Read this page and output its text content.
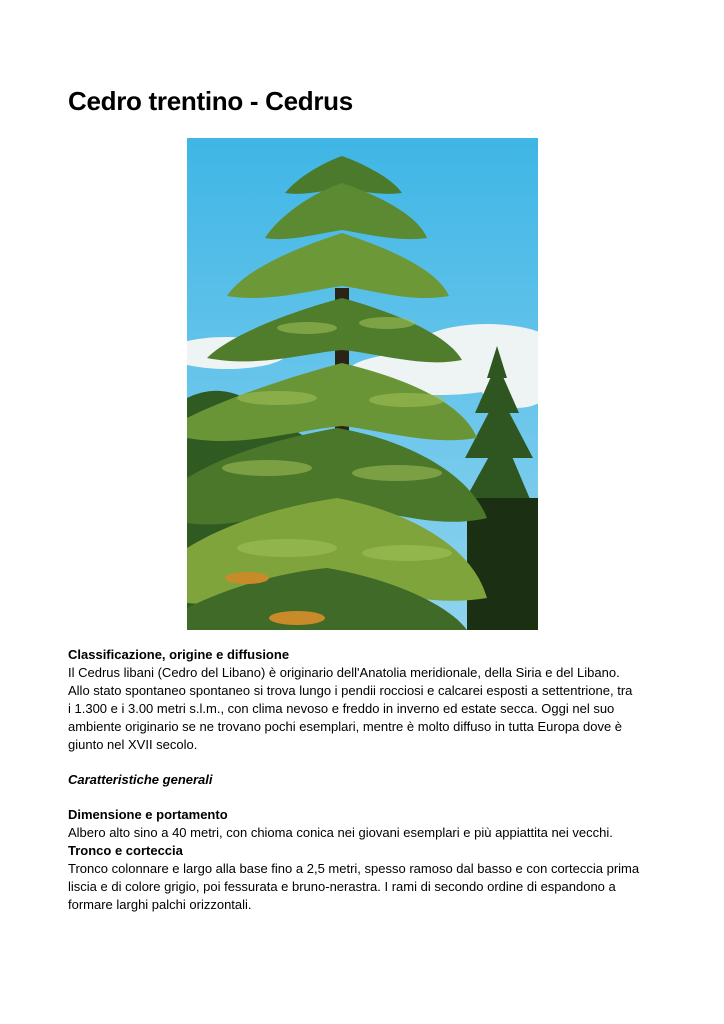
Cedro trentino - Cedrus

Classificazione, origine e diffusione

Il Cedrus libani (Cedro del Libano) è originario dell'Anatolia meridionale, della Siria e del Libano.

Allo stato spontaneo spontaneo si trova lungo i pendii rocciosi e calcarei esposti a settentrione, tra

i 1.300 e i 3.00 metri s.l.m., con clima nevoso e freddo in inverno ed estate secca. Oggi nel suo

ambiente originario se ne trovano pochi esemplari, mentre è molto diffuso in tutta Europa dove è

giunto nel XVII secolo.

Caratteristiche generali

Dimensione e portamento

Albero alto sino a 40 metri, con chioma conica nei giovani esemplari e più appiattita nei vecchi.

Tronco e corteccia

Tronco colonnare e largo alla base fino a 2,5 metri, spesso ramoso dal basso e con corteccia prima

liscia e di colore grigio, poi fessurata e bruno-nerastra. I rami di secondo ordine di espandono a

formare larghi palchi orizzontali.
